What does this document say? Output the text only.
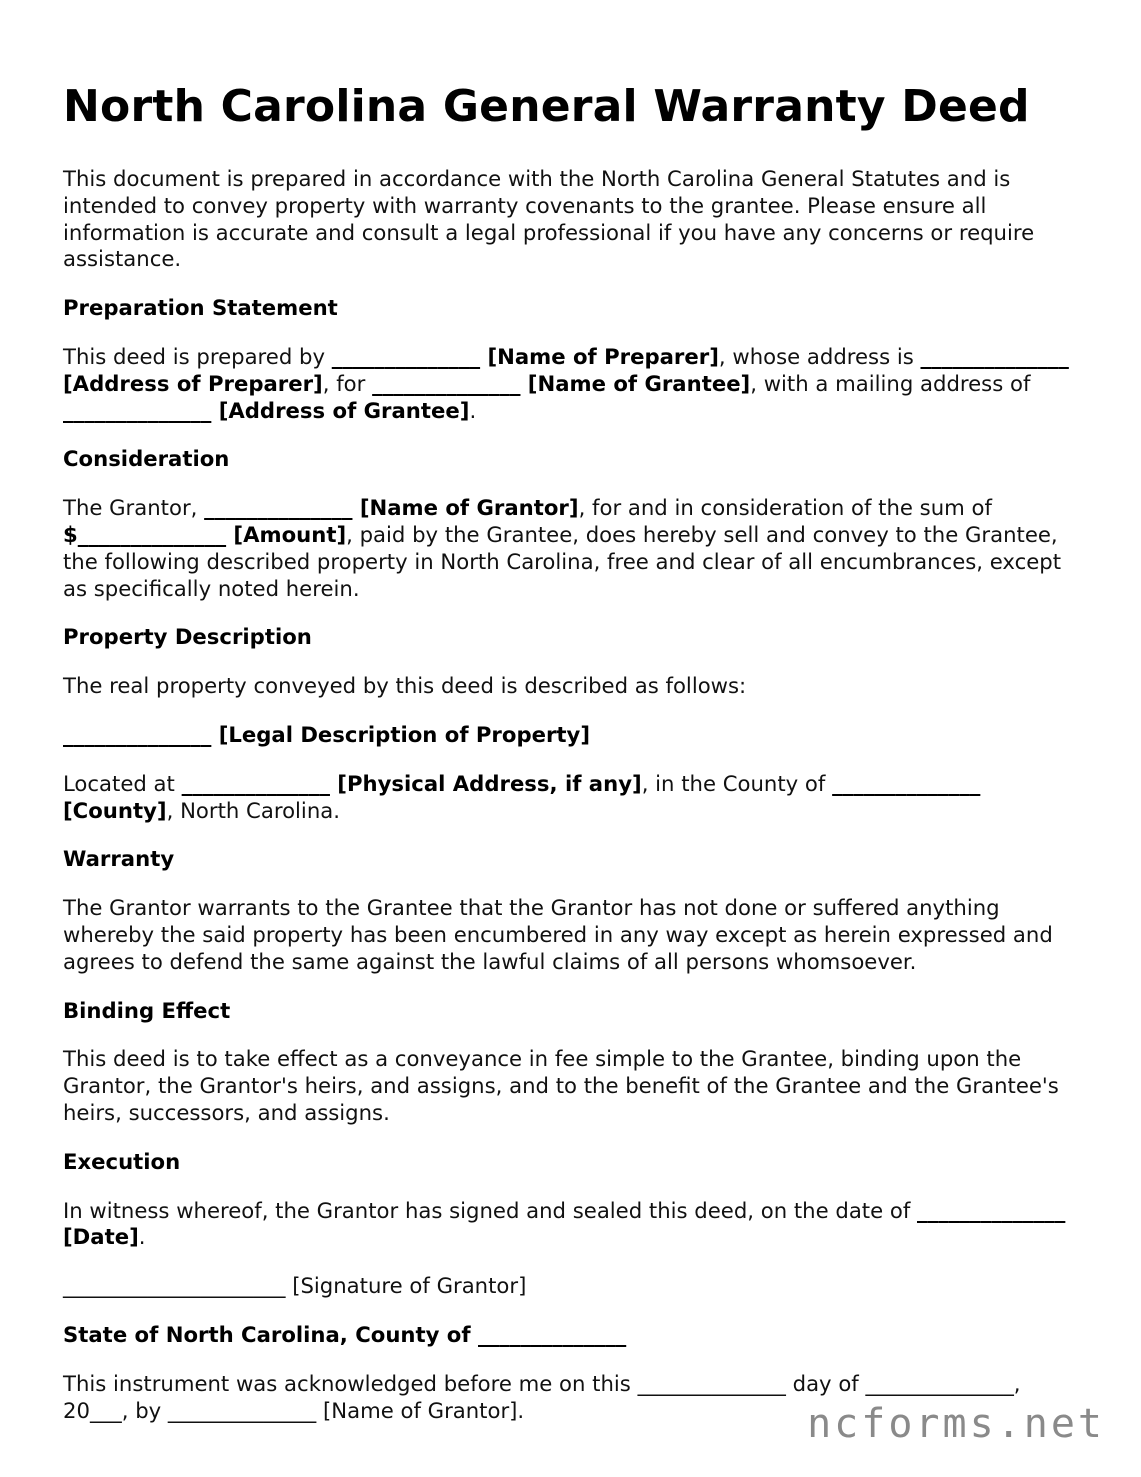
North Carolina General Warranty Deed

This document is prepared in accordance with the North Carolina General Statutes and is intended to convey property with warranty covenants to the grantee. Please ensure all information is accurate and consult a legal professional if you have any concerns or require assistance.

Preparation Statement

This deed is prepared by ______________ [Name of Preparer], whose address is ______________ [Address of Preparer], for ______________ [Name of Grantee], with a mailing address of ______________ [Address of Grantee].

Consideration

The Grantor, ______________ [Name of Grantor], for and in consideration of the sum of $______________ [Amount], paid by the Grantee, does hereby sell and convey to the Grantee, the following described property in North Carolina, free and clear of all encumbrances, except as specifically noted herein.

Property Description

The real property conveyed by this deed is described as follows:

______________ [Legal Description of Property]

Located at ______________ [Physical Address, if any], in the County of ______________ [County], North Carolina.

Warranty

The Grantor warrants to the Grantee that the Grantor has not done or suffered anything whereby the said property has been encumbered in any way except as herein expressed and agrees to defend the same against the lawful claims of all persons whomsoever.

Binding Effect

This deed is to take effect as a conveyance in fee simple to the Grantee, binding upon the Grantor, the Grantor's heirs, and assigns, and to the benefit of the Grantee and the Grantee's heirs, successors, and assigns.

Execution

In witness whereof, the Grantor has signed and sealed this deed, on the date of ______________ [Date].

_____________________ [Signature of Grantor]

State of North Carolina, County of ______________

This instrument was acknowledged before me on this ______________ day of ______________, 20___, by ______________ [Name of Grantor].	ncforms.net
